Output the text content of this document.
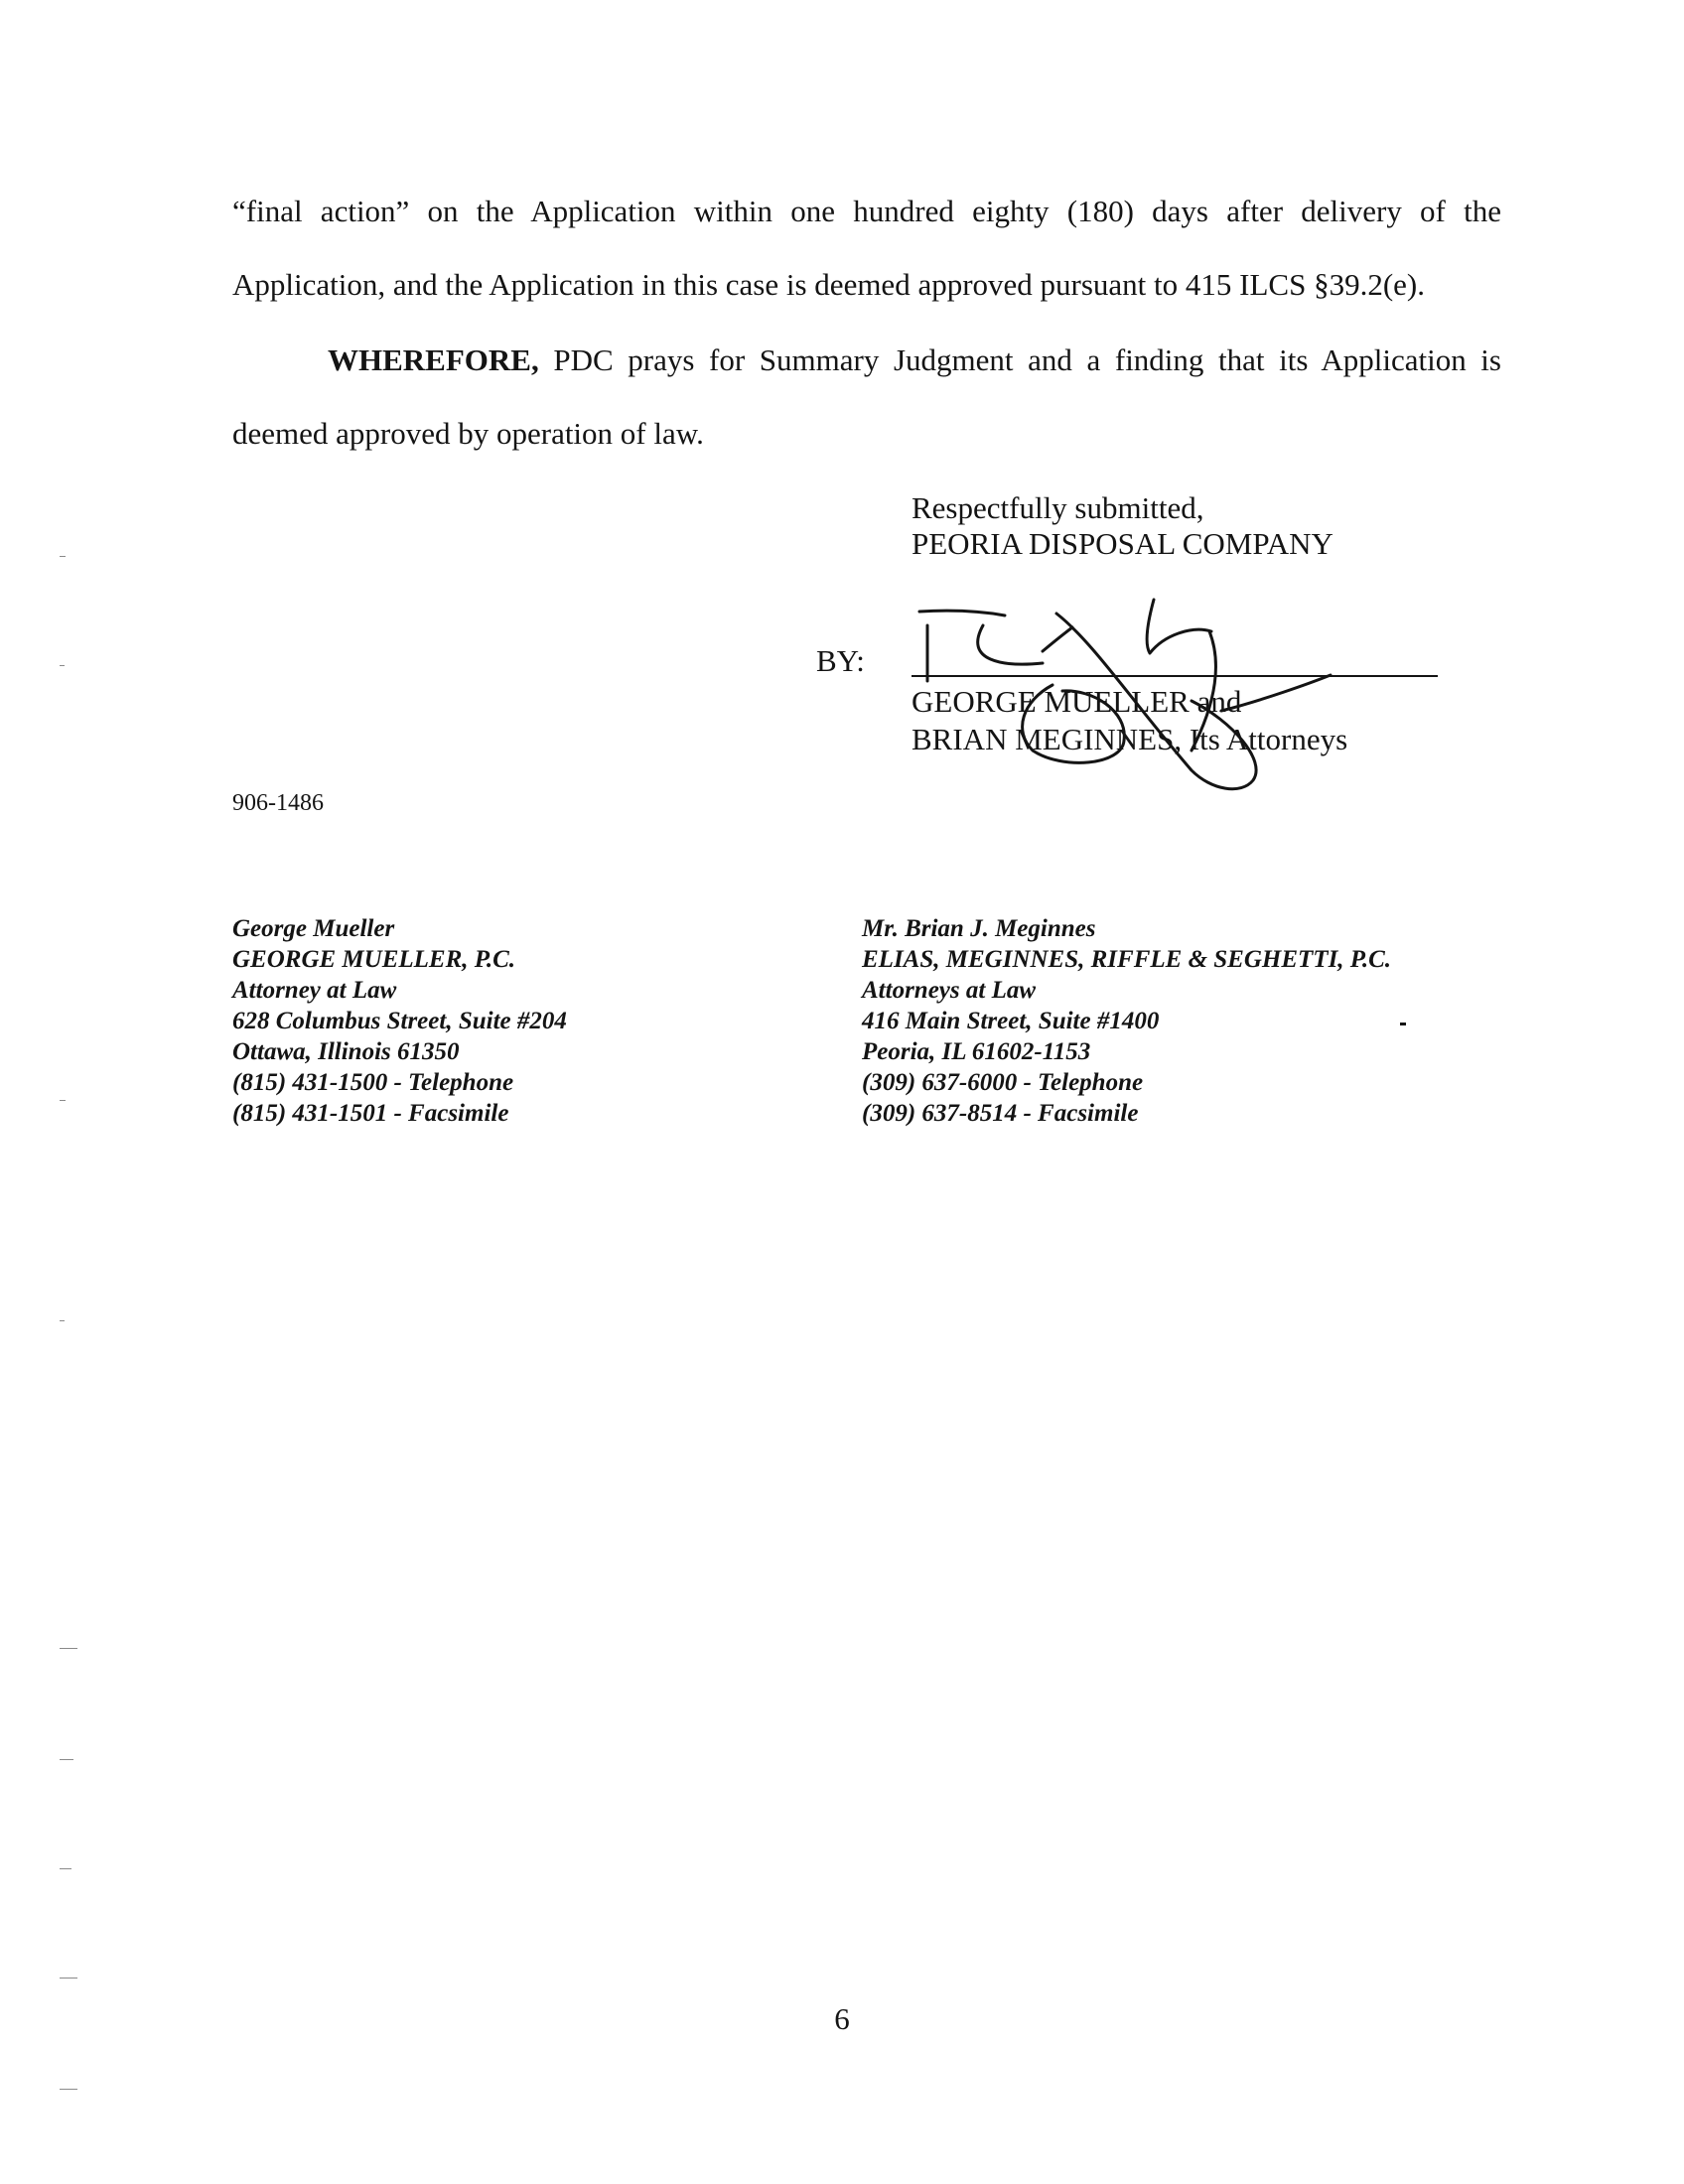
“final action” on the Application within one hundred eighty (180) days after delivery of the Application, and the Application in this case is deemed approved pursuant to 415 ILCS §39.2(e).

WHEREFORE, PDC prays for Summary Judgment and a finding that its Application is deemed approved by operation of law.

Respectfully submitted,
PEORIA DISPOSAL COMPANY
BY:
GEORGE MUELLER and
BRIAN MEGINNES, Its Attorneys
906-1486
George Mueller
GEORGE MUELLER, P.C.
Attorney at Law
628 Columbus Street, Suite #204
Ottawa, Illinois 61350
(815) 431-1500 - Telephone
(815) 431-1501 - Facsimile
Mr. Brian J. Meginnes
ELIAS, MEGINNES, RIFFLE & SEGHETTI, P.C.
Attorneys at Law
416 Main Street, Suite #1400
Peoria, IL 61602-1153
(309) 637-6000 - Telephone
(309) 637-8514 - Facsimile
6
